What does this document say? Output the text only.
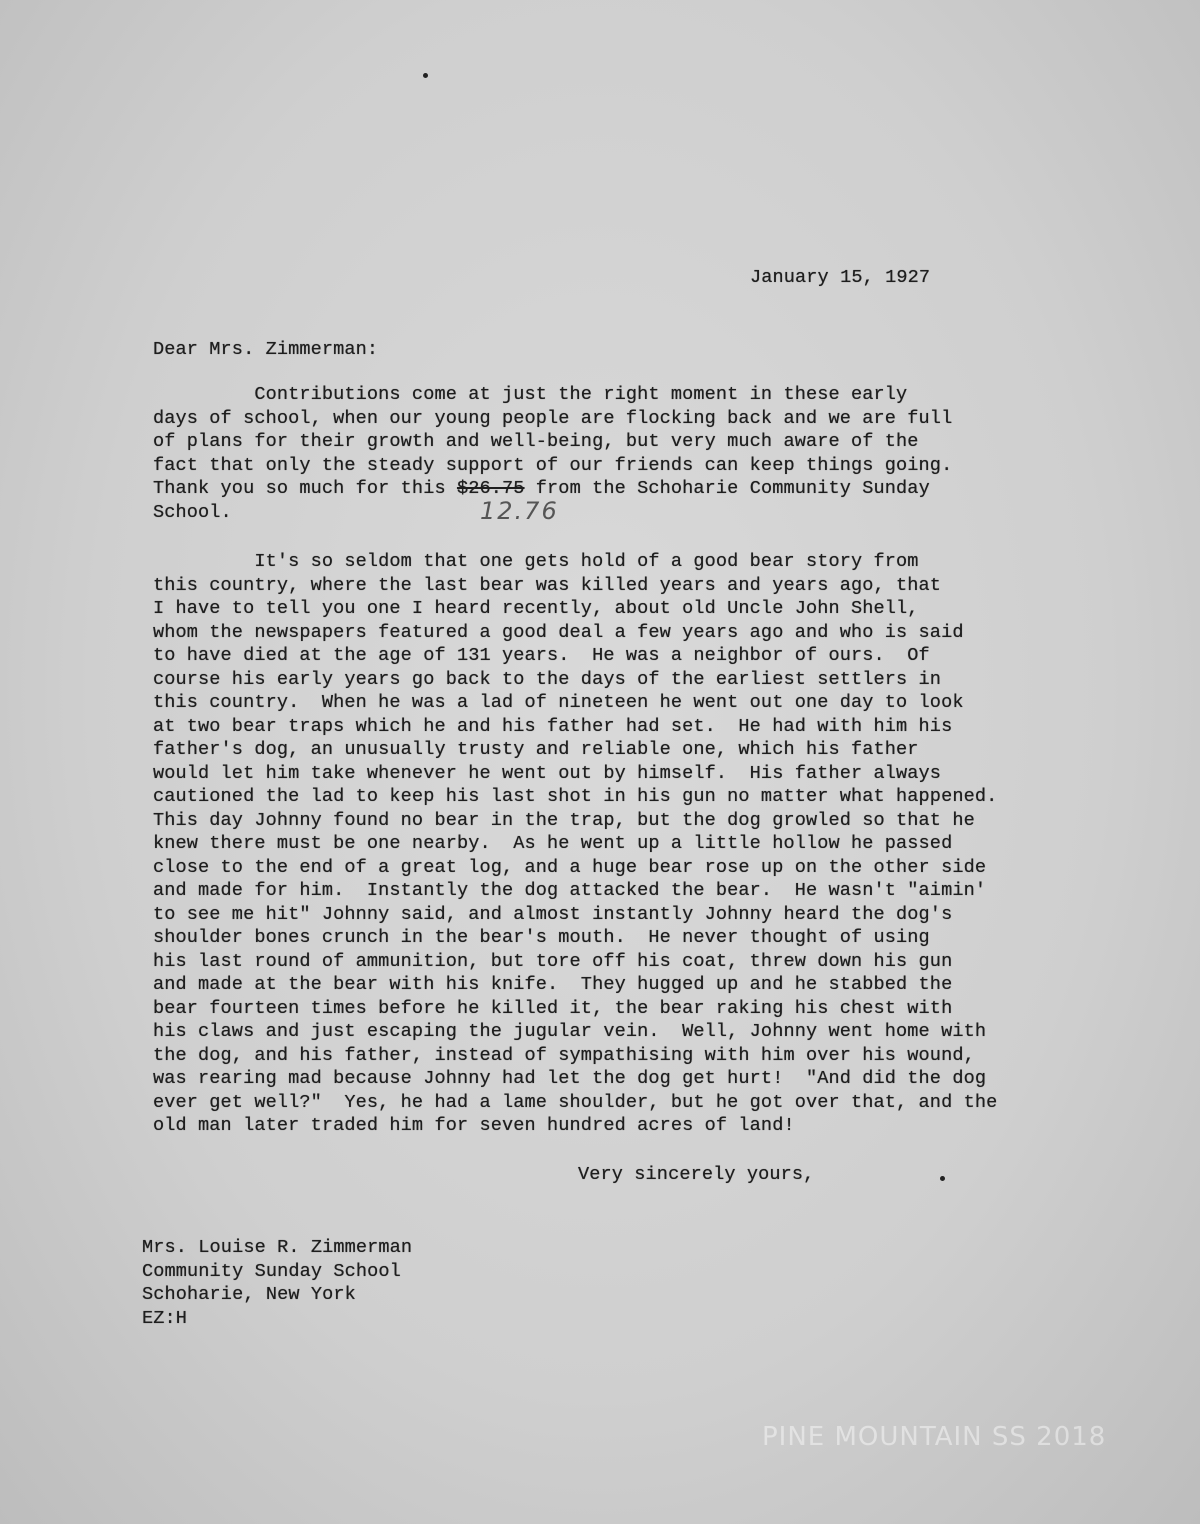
January 15, 1927
Dear Mrs. Zimmerman:
Contributions come at just the right moment in these early
days of school, when our young people are flocking back and we are full
of plans for their growth and well-being, but very much aware of the
fact that only the steady support of our friends can keep things going.
Thank you so much for this $26.75 from the Schoharie Community Sunday
School.	12.76
It's so seldom that one gets hold of a good bear story from
this country, where the last bear was killed years and years ago, that
I have to tell you one I heard recently, about old Uncle John Shell,
whom the newspapers featured a good deal a few years ago and who is said
to have died at the age of 131 years.  He was a neighbor of ours.  Of
course his early years go back to the days of the earliest settlers in
this country.  When he was a lad of nineteen he went out one day to look
at two bear traps which he and his father had set.  He had with him his
father's dog, an unusually trusty and reliable one, which his father
would let him take whenever he went out by himself.  His father always
cautioned the lad to keep his last shot in his gun no matter what happened.
This day Johnny found no bear in the trap, but the dog growled so that he
knew there must be one nearby.  As he went up a little hollow he passed
close to the end of a great log, and a huge bear rose up on the other side
and made for him.  Instantly the dog attacked the bear.  He wasn't "aimin'
to see me hit" Johnny said, and almost instantly Johnny heard the dog's
shoulder bones crunch in the bear's mouth.  He never thought of using
his last round of ammunition, but tore off his coat, threw down his gun
and made at the bear with his knife.  They hugged up and he stabbed the
bear fourteen times before he killed it, the bear raking his chest with
his claws and just escaping the jugular vein.  Well, Johnny went home with
the dog, and his father, instead of sympathising with him over his wound,
was rearing mad because Johnny had let the dog get hurt!  "And did the dog
ever get well?"  Yes, he had a lame shoulder, but he got over that, and the
old man later traded him for seven hundred acres of land!
Very sincerely yours,
Mrs. Louise R. Zimmerman
Community Sunday School
Schoharie, New York
EZ:H
PINE MOUNTAIN SS 2018
